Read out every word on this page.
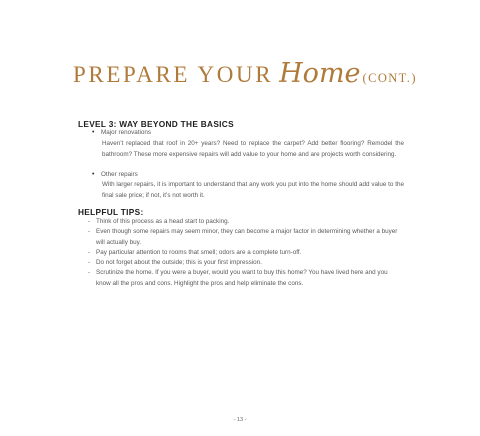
PREPARE YOUR Home (CONT.)
LEVEL 3: WAY BEYOND THE BASICS
• Major renovations
Haven’t replaced that roof in 20+ years? Need to replace the carpet? Add better flooring? Remodel the bathroom? These more expensive repairs will add value to your home and are projects worth considering.
• Other repairs
With larger repairs, it is important to understand that any work you put into the home should add value to the final sale price; if not, it’s not worth it.
HELPFUL TIPS:
- Think of this process as a head start to packing.
- Even though some repairs may seem minor, they can become a major factor in determining whether a buyer will actually buy.
- Pay particular attention to rooms that smell; odors are a complete turn-off.
- Do not forget about the outside; this is your first impression.
- Scrutinize the home. If you were a buyer, would you want to buy this home? You have lived here and you know all the pros and cons. Highlight the pros and help eliminate the cons.
- 13 -
